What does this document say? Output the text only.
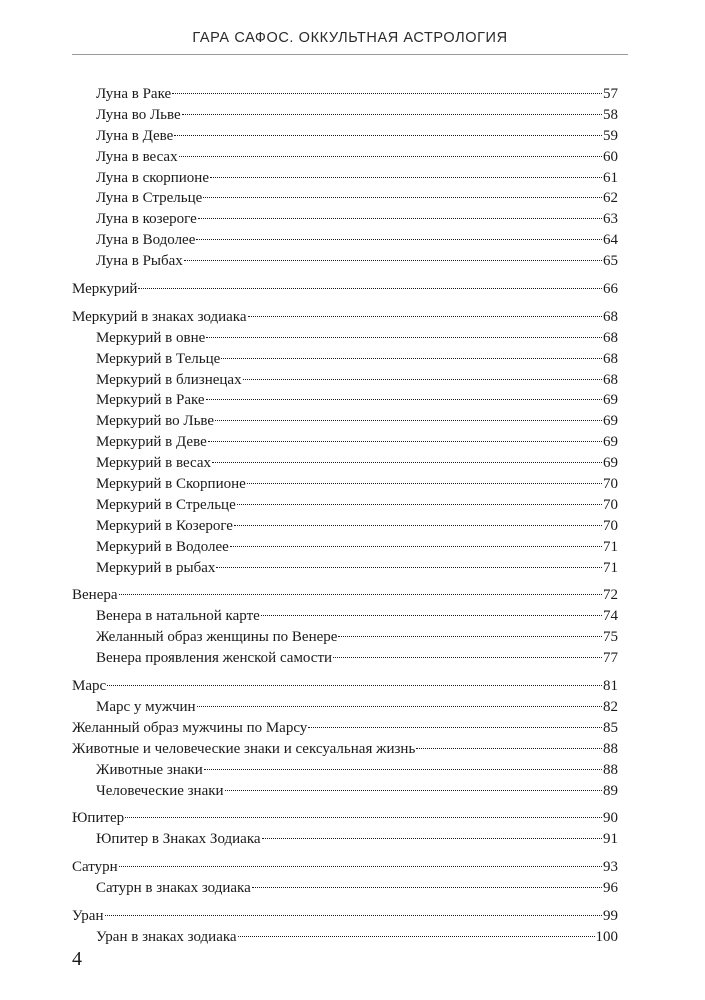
ГАРА САФОС. ОККУЛЬТНАЯ АСТРОЛОГИЯ
Луна в Раке	57
Луна во Льве	58
Луна в Деве	59
Луна в весах	60
Луна в скорпионе	61
Луна в Стрельце	62
Луна в козероге	63
Луна в Водолее	64
Луна в Рыбах	65
Меркурий	66
Меркурий в знаках зодиака	68
Меркурий в овне	68
Меркурий в Тельце	68
Меркурий в близнецах	68
Меркурий в Раке	69
Меркурий во Льве	69
Меркурий в Деве	69
Меркурий в весах	69
Меркурий в Скорпионе	70
Меркурий в Стрельце	70
Меркурий в Козероге	70
Меркурий в Водолее	71
Меркурий в рыбах	71
Венера	72
Венера в натальной карте	74
Желанный образ женщины по Венере	75
Венера проявления женской самости	77
Марс	81
Марс у мужчин	82
Желанный образ мужчины по Марсу	85
Животные и человеческие знаки и сексуальная жизнь	88
Животные знаки	88
Человеческие знаки	89
Юпитер	90
Юпитер в Знаках Зодиака	91
Сатурн	93
Сатурн в знаках зодиака	96
Уран	99
Уран в знаках зодиака	100
4
